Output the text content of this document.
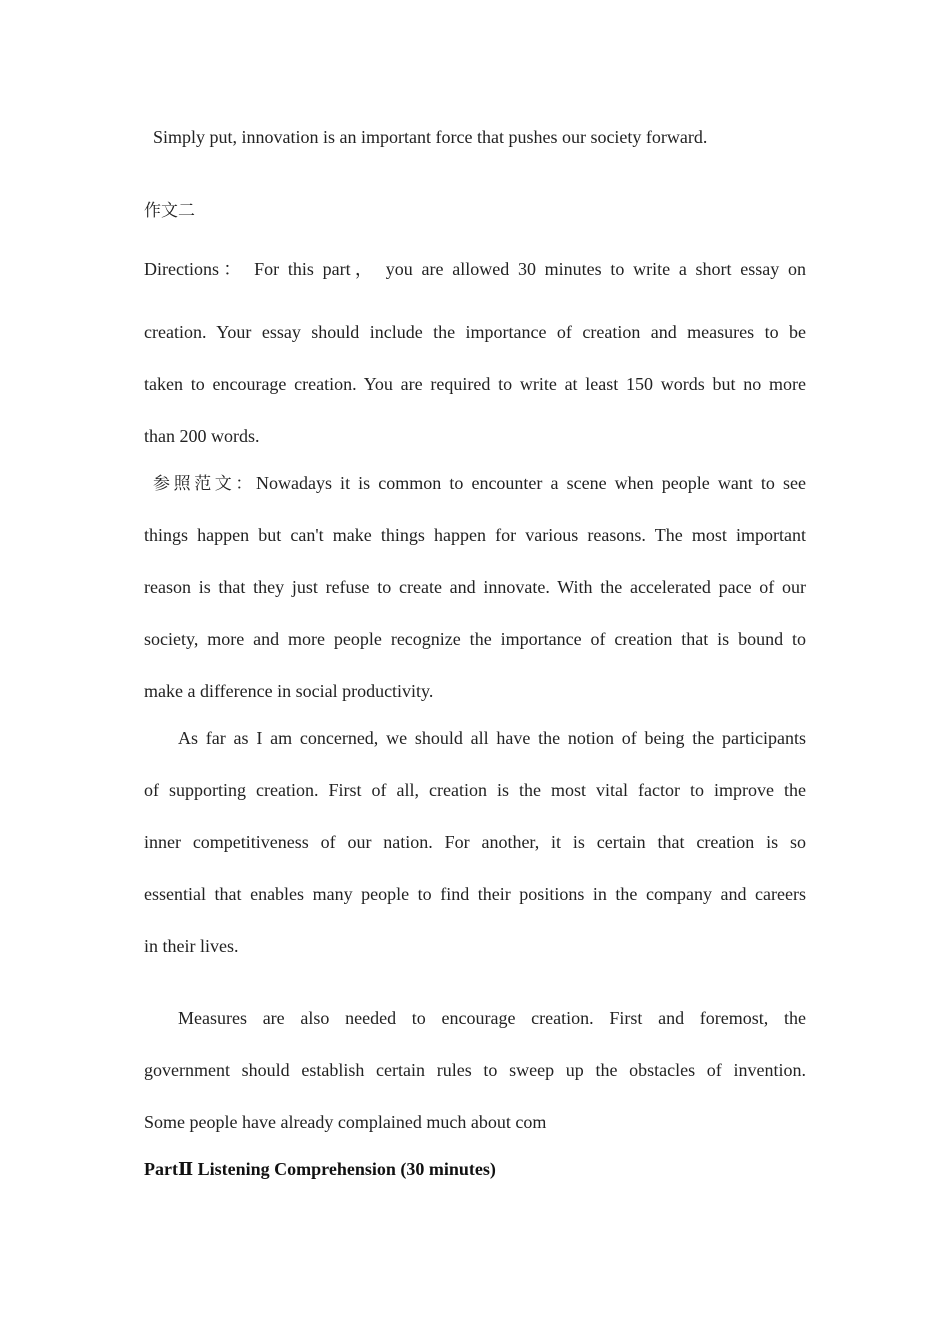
Simply put, innovation is an important force that pushes our society forward.
作文二
Directions： For this part， you are allowed 30 minutes to write a short essay on
creation. Your essay should include the importance of creation and measures to be
taken to encourage creation. You are required to write at least 150 words but no more
than 200 words.
参照范文：Nowadays it is common to encounter a scene when people want to see
things happen but can't make things happen for various reasons. The most important
reason is that they just refuse to create and innovate. With the accelerated pace of our
society, more and more people recognize the importance of creation that is bound to
make a difference in social productivity.
As far as I am concerned, we should all have the notion of being the participants
of supporting creation. First of all, creation is the most vital factor to improve the
inner competitiveness of our nation. For another, it is certain that creation is so
essential that enables many people to find their positions in the company and careers
in their lives.
Measures are also needed to encourage creation. First and foremost, the
government should establish certain rules to sweep up the obstacles of invention.
Some people have already complained much about com
PartⅡ Listening Comprehension (30 minutes)
